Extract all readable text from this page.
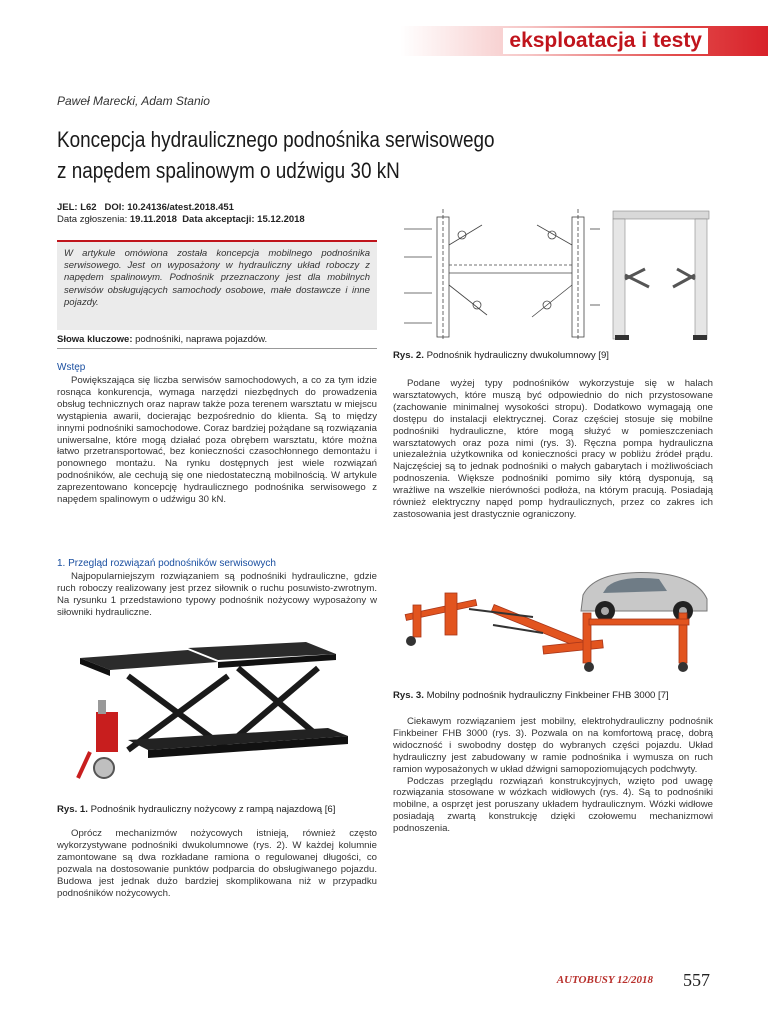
eksploatacja i testy
Paweł Marecki, Adam Stanio
Koncepcja hydraulicznego podnośnika serwisowego
z napędem spalinowym o udźwigu 30 kN
JEL: L62 DOI: 10.24136/atest.2018.451
Data zgłoszenia: 19.11.2018 Data akceptacji: 15.12.2018
W artykule omówiona została koncepcja mobilnego podnośnika serwisowego. Jest on wyposażony w hydrauliczny układ roboczy z napędem spalinowym. Podnośnik przeznaczony jest dla mobilnych serwisów obsługujących samochody osobowe, małe dostawcze i inne pojazdy.
Słowa kluczowe: podnośniki, naprawa pojazdów.
Wstęp

Powiększająca się liczba serwisów samochodowych, a co za tym idzie rosnąca konkurencja, wymaga narzędzi niezbędnych do prowadzenia obsług technicznych oraz napraw także poza terenem warsztatu w miejscu wystąpienia awarii, docierając bezpośrednio do klienta. Są to między innymi podnośniki samochodowe. Coraz bardziej pożądane są rozwiązania uniwersalne, które mogą działać poza obrębem warsztatu, które można łatwo przetransportować, bez konieczności czasochłonnego demontażu i ponownego montażu. Na rynku dostępnych jest wiele rozwiązań podnośników, ale cechują się one niedostateczną mobilnością. W artykule zaprezentowano koncepcję hydraulicznego podnośnika serwisowego z napędem spalinowym o udźwigu 30 kN.

1. Przegląd rozwiązań podnośników serwisowych

Najpopularniejszym rozwiązaniem są podnośniki hydrauliczne, gdzie ruch roboczy realizowany jest przez siłownik o ruchu posuwisto-zwrotnym. Na rysunku 1 przedstawiono typowy podnośnik nożycowy wyposażony w siłowniki hydrauliczne.

Rys. 1. Podnośnik hydrauliczny nożycowy z rampą najazdową [6]

Oprócz mechanizmów nożycowych istnieją, również często wykorzystywane podnośniki dwukolumnowe (rys. 2). W każdej kolumnie zamontowane są dwa rozkładane ramiona o regulowanej długości, co pozwala na dostosowanie punktów podparcia do obsługiwanego pojazdu. Budowa jest jednak dużo bardziej skomplikowana niż w przypadku podnośników nożycowych.

Rys. 2. Podnośnik hydrauliczny dwukolumnowy [9]

Podane wyżej typy podnośników wykorzystuje się w halach warsztatowych, które muszą być odpowiednio do nich przystosowane (zachowanie minimalnej wysokości stropu). Dodatkowo wymagają one dostępu do instalacji elektrycznej. Coraz częściej stosuje się mobilne podnośniki hydrauliczne, które mogą służyć w pomieszczeniach warsztatowych oraz poza nimi (rys. 3). Ręczna pompa hydrauliczna uniezależnia użytkownika od konieczności pracy w pobliżu źródeł prądu. Najczęściej są to jednak podnośniki o małych gabarytach i możliwościach podnoszenia. Większe podnośniki pomimo siły którą dysponują, są wrażliwe na wszelkie nierówności podłoża, na którym pracują. Posiadają również elektryczny napęd pomp hydraulicznych, przez co zakres ich zastosowania jest drastycznie ograniczony.

Rys. 3. Mobilny podnośnik hydrauliczny Finkbeiner FHB 3000 [7]

Ciekawym rozwiązaniem jest mobilny, elektrohydrauliczny podnośnik Finkbeiner FHB 3000 (rys. 3). Pozwala on na komfortową pracę, dobrą widoczność i swobodny dostęp do wybranych części pojazdu. Układ hydrauliczny jest zabudowany w ramie podnośnika i wymusza on ruch ramion wyposażonych w układ dźwigni samopoziomujących podchwyty.

Podczas przeglądu rozwiązań konstrukcyjnych, wzięto pod uwagę rozwiązania stosowane w wózkach widłowych (rys. 4). Są to podnośniki mobilne, a osprzęt jest poruszany układem hydraulicznym. Wózki widłowe posiadają zwartą konstrukcję dzięki czołowemu mechanizmowi podnoszenia.

AUTOBUSY 12/2018 557
